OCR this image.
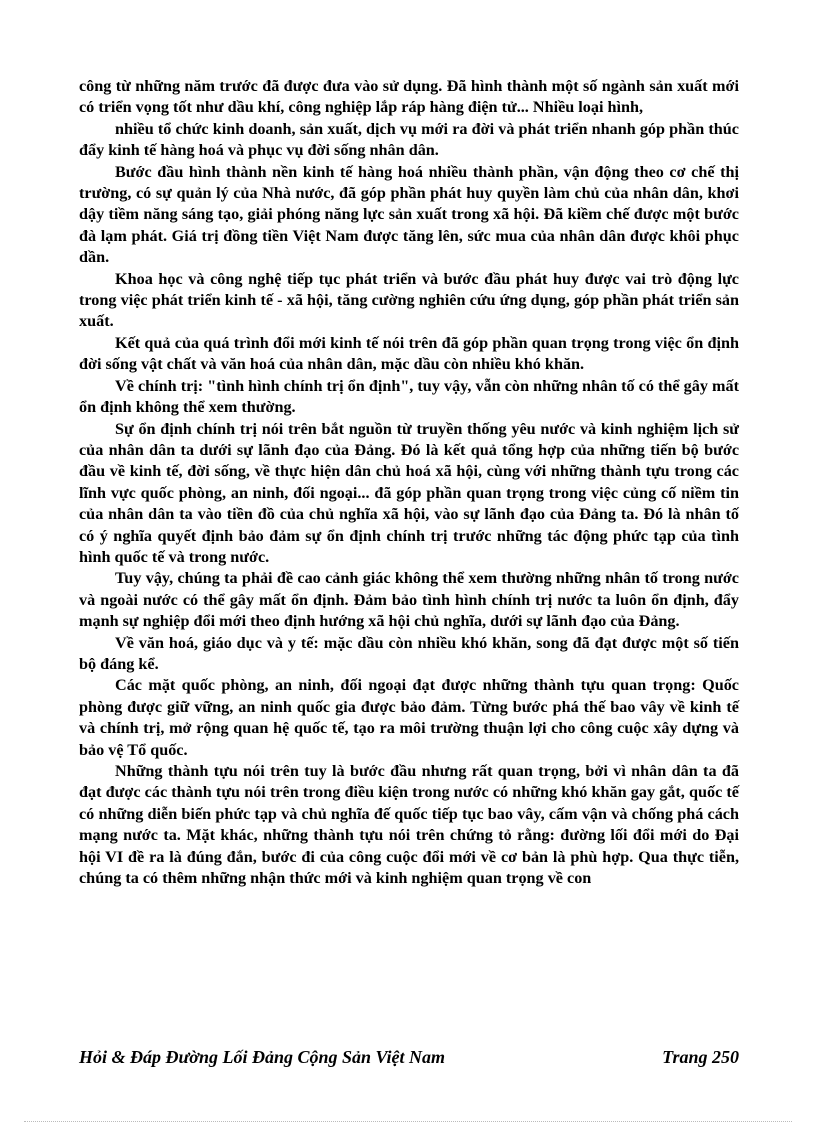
công từ những năm trước đã được đưa vào sử dụng. Đã hình thành một số ngành sản xuất mới có triển vọng tốt như dầu khí, công nghiệp lắp ráp hàng điện tử... Nhiều loại hình,

nhiều tổ chức kinh doanh, sản xuất, dịch vụ mới ra đời và phát triển nhanh góp phần thúc đẩy kinh tế hàng hoá và phục vụ đời sống nhân dân.

Bước đầu hình thành nền kinh tế hàng hoá nhiều thành phần, vận động theo cơ chế thị trường, có sự quản lý của Nhà nước, đã góp phần phát huy quyền làm chủ của nhân dân, khơi dậy tiềm năng sáng tạo, giải phóng năng lực sản xuất trong xã hội. Đã kiềm chế được một bước đà lạm phát. Giá trị đồng tiền Việt Nam được tăng lên, sức mua của nhân dân được khôi phục dần.

Khoa học và công nghệ tiếp tục phát triển và bước đầu phát huy được vai trò động lực trong việc phát triển kinh tế - xã hội, tăng cường nghiên cứu ứng dụng, góp phần phát triển sản xuất.

Kết quả của quá trình đổi mới kinh tế nói trên đã góp phần quan trọng trong việc ổn định đời sống vật chất và văn hoá của nhân dân, mặc dầu còn nhiều khó khăn.

Về chính trị: "tình hình chính trị ổn định", tuy vậy, vẫn còn những nhân tố có thể gây mất ổn định không thể xem thường.

Sự ổn định chính trị nói trên bắt nguồn từ truyền thống yêu nước và kinh nghiệm lịch sử của nhân dân ta dưới sự lãnh đạo của Đảng. Đó là kết quả tổng hợp của những tiến bộ bước đầu về kinh tế, đời sống, về thực hiện dân chủ hoá xã hội, cùng với những thành tựu trong các lĩnh vực quốc phòng, an ninh, đối ngoại... đã góp phần quan trọng trong việc củng cố niềm tin của nhân dân ta vào tiền đồ của chủ nghĩa xã hội, vào sự lãnh đạo của Đảng ta. Đó là nhân tố có ý nghĩa quyết định bảo đảm sự ổn định chính trị trước những tác động phức tạp của tình hình quốc tế và trong nước.

Tuy vậy, chúng ta phải đề cao cảnh giác không thể xem thường những nhân tố trong nước và ngoài nước có thể gây mất ổn định. Đảm bảo tình hình chính trị nước ta luôn ổn định, đẩy mạnh sự nghiệp đổi mới theo định hướng xã hội chủ nghĩa, dưới sự lãnh đạo của Đảng.

Về văn hoá, giáo dục và y tế: mặc dầu còn nhiều khó khăn, song đã đạt được một số tiến bộ đáng kể.

Các mặt quốc phòng, an ninh, đối ngoại đạt được những thành tựu quan trọng: Quốc phòng được giữ vững, an ninh quốc gia được bảo đảm. Từng bước phá thế bao vây về kinh tế và chính trị, mở rộng quan hệ quốc tế, tạo ra môi trường thuận lợi cho công cuộc xây dựng và bảo vệ Tổ quốc.

Những thành tựu nói trên tuy là bước đầu nhưng rất quan trọng, bởi vì nhân dân ta đã đạt được các thành tựu nói trên trong điều kiện trong nước có những khó khăn gay gắt, quốc tế có những diễn biến phức tạp và chủ nghĩa đế quốc tiếp tục bao vây, cấm vận và chống phá cách mạng nước ta. Mặt khác, những thành tựu nói trên chứng tỏ rằng: đường lối đổi mới do Đại hội VI đề ra là đúng đắn, bước đi của công cuộc đổi mới về cơ bản là phù hợp. Qua thực tiễn, chúng ta có thêm những nhận thức mới và kinh nghiệm quan trọng về con

Hỏi & Đáp Đường Lối Đảng Cộng Sản Việt Nam	Trang 250
